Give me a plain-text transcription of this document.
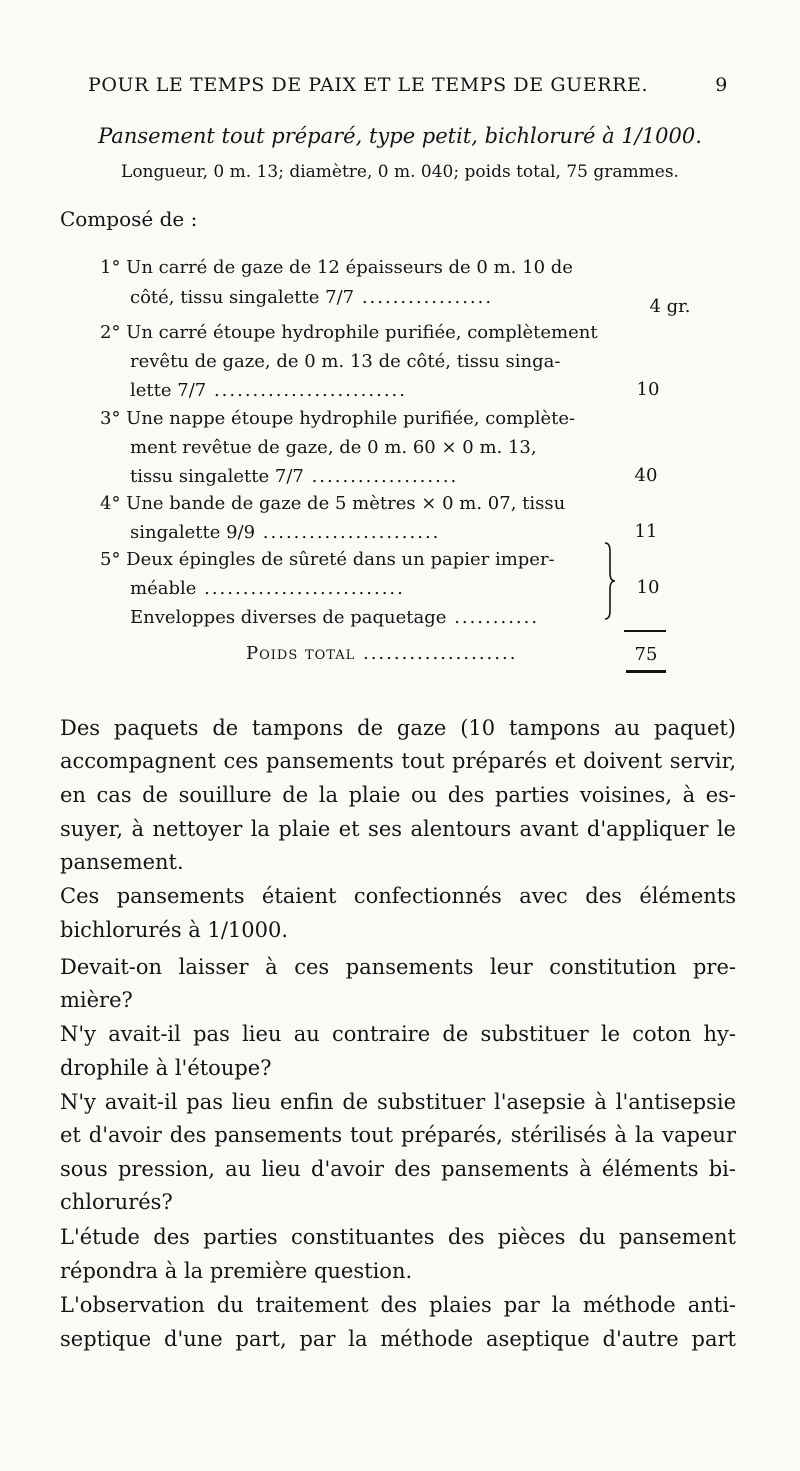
POUR LE TEMPS DE PAIX ET LE TEMPS DE GUERRE.	9
Pansement tout préparé, type petit, bichloruré à 1/1000.
Longueur, 0 m. 13; diamètre, 0 m. 040; poids total, 75 grammes.
Composé de :
1° Un carré de gaze de 12 épaisseurs de 0 m. 10 de
côté, tissu singalette 7/7 .................
2° Un carré étoupe hydrophile purifiée, complètement
revêtu de gaze, de 0 m. 13 de côté, tissu singa-
lette 7/7 .........................
3° Une nappe étoupe hydrophile purifiée, complète-
ment revêtue de gaze, de 0 m. 60 × 0 m. 13,
tissu singalette 7/7 ...................
4° Une bande de gaze de 5 mètres × 0 m. 07, tissu
singalette 9/9 .......................
5° Deux épingles de sûreté dans un papier imper-
méable ..........................
Enveloppes diverses de paquetage ...........
4 gr.
10
40
11
10
Poids total ....................	75
Des paquets de tampons de gaze (10 tampons au paquet)
accompagnent ces pansements tout préparés et doivent servir,
en cas de souillure de la plaie ou des parties voisines, à es-
suyer, à nettoyer la plaie et ses alentours avant d'appliquer le
pansement.
Ces pansements étaient confectionnés avec des éléments
bichlorurés à 1/1000.
Devait-on laisser à ces pansements leur constitution pre-
mière?
N'y avait-il pas lieu au contraire de substituer le coton hy-
drophile à l'étoupe?
N'y avait-il pas lieu enfin de substituer l'asepsie à l'antisepsie
et d'avoir des pansements tout préparés, stérilisés à la vapeur
sous pression, au lieu d'avoir des pansements à éléments bi-
chlorurés?
L'étude des parties constituantes des pièces du pansement
répondra à la première question.
L'observation du traitement des plaies par la méthode anti-
septique d'une part, par la méthode aseptique d'autre part
